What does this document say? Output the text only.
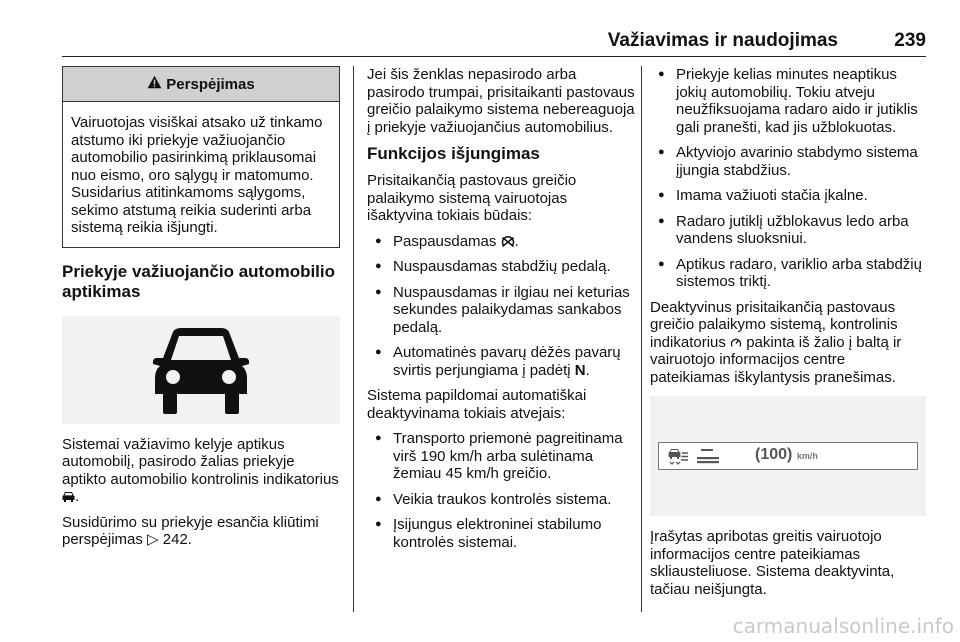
Važiavimas ir naudojimas	239
Perspėjimas

Vairuotojas visiškai atsako už tinkamo atstumo iki priekyje važiuojančio automobilio pasirinkimą priklausomai nuo eismo, oro sąlygų ir matomumo. Susidarius atitinkamoms sąlygoms, sekimo atstumą reikia suderinti arba sistemą reikia išjungti.

Priekyje važiuojančio automobilio aptikimas

Sistemai važiavimo kelyje aptikus automobilį, pasirodo žalias priekyje aptikto automobilio kontrolinis indikatorius .

Susidūrimo su priekyje esančia kliūtimi perspėjimas ▷ 242.

Jei šis ženklas nepasirodo arba pasirodo trumpai, prisitaikanti pastovaus greičio palaikymo sistema nebereaguoja į priekyje važiuojančius automobilius.

Funkcijos išjungimas

Prisitaikančią pastovaus greičio palaikymo sistemą vairuotojas išaktyvina tokiais būdais:

● Paspausdamas .
● Nuspausdamas stabdžių pedalą.
● Nuspausdamas ir ilgiau nei keturias sekundes palaikydamas sankabos pedalą.
● Automatinės pavarų dėžės pavarų svirtis perjungiama į padėtį N.

Sistema papildomai automatiškai deaktyvinama tokiais atvejais:

● Transporto priemonė pagreitinama virš 190 km/h arba sulėtinama žemiau 45 km/h greičio.
● Veikia traukos kontrolės sistema.
● Įsijungus elektroninei stabilumo kontrolės sistemai.
● Priekyje kelias minutes neaptikus jokių automobilių. Tokiu atveju neužfiksuojama radaro aido ir jutiklis gali pranešti, kad jis užblokuotas.
● Aktyviojo avarinio stabdymo sistema įjungia stabdžius.
● Imama važiuoti stačia įkalne.
● Radaro jutiklį užblokavus ledo arba vandens sluoksniui.
● Aptikus radaro, variklio arba stabdžių sistemos triktį.

Deaktyvinus prisitaikančią pastovaus greičio palaikymo sistemą, kontrolinis indikatorius pakinta iš žalio į baltą ir vairuotojo informacijos centre pateikiamas iškylantysis pranešimas.

(100) km/h

Įrašytas apribotas greitis vairuotojo informacijos centre pateikiamas skliausteliuose. Sistema deaktyvinta, tačiau neišjungta.

carmanualsonline.info
